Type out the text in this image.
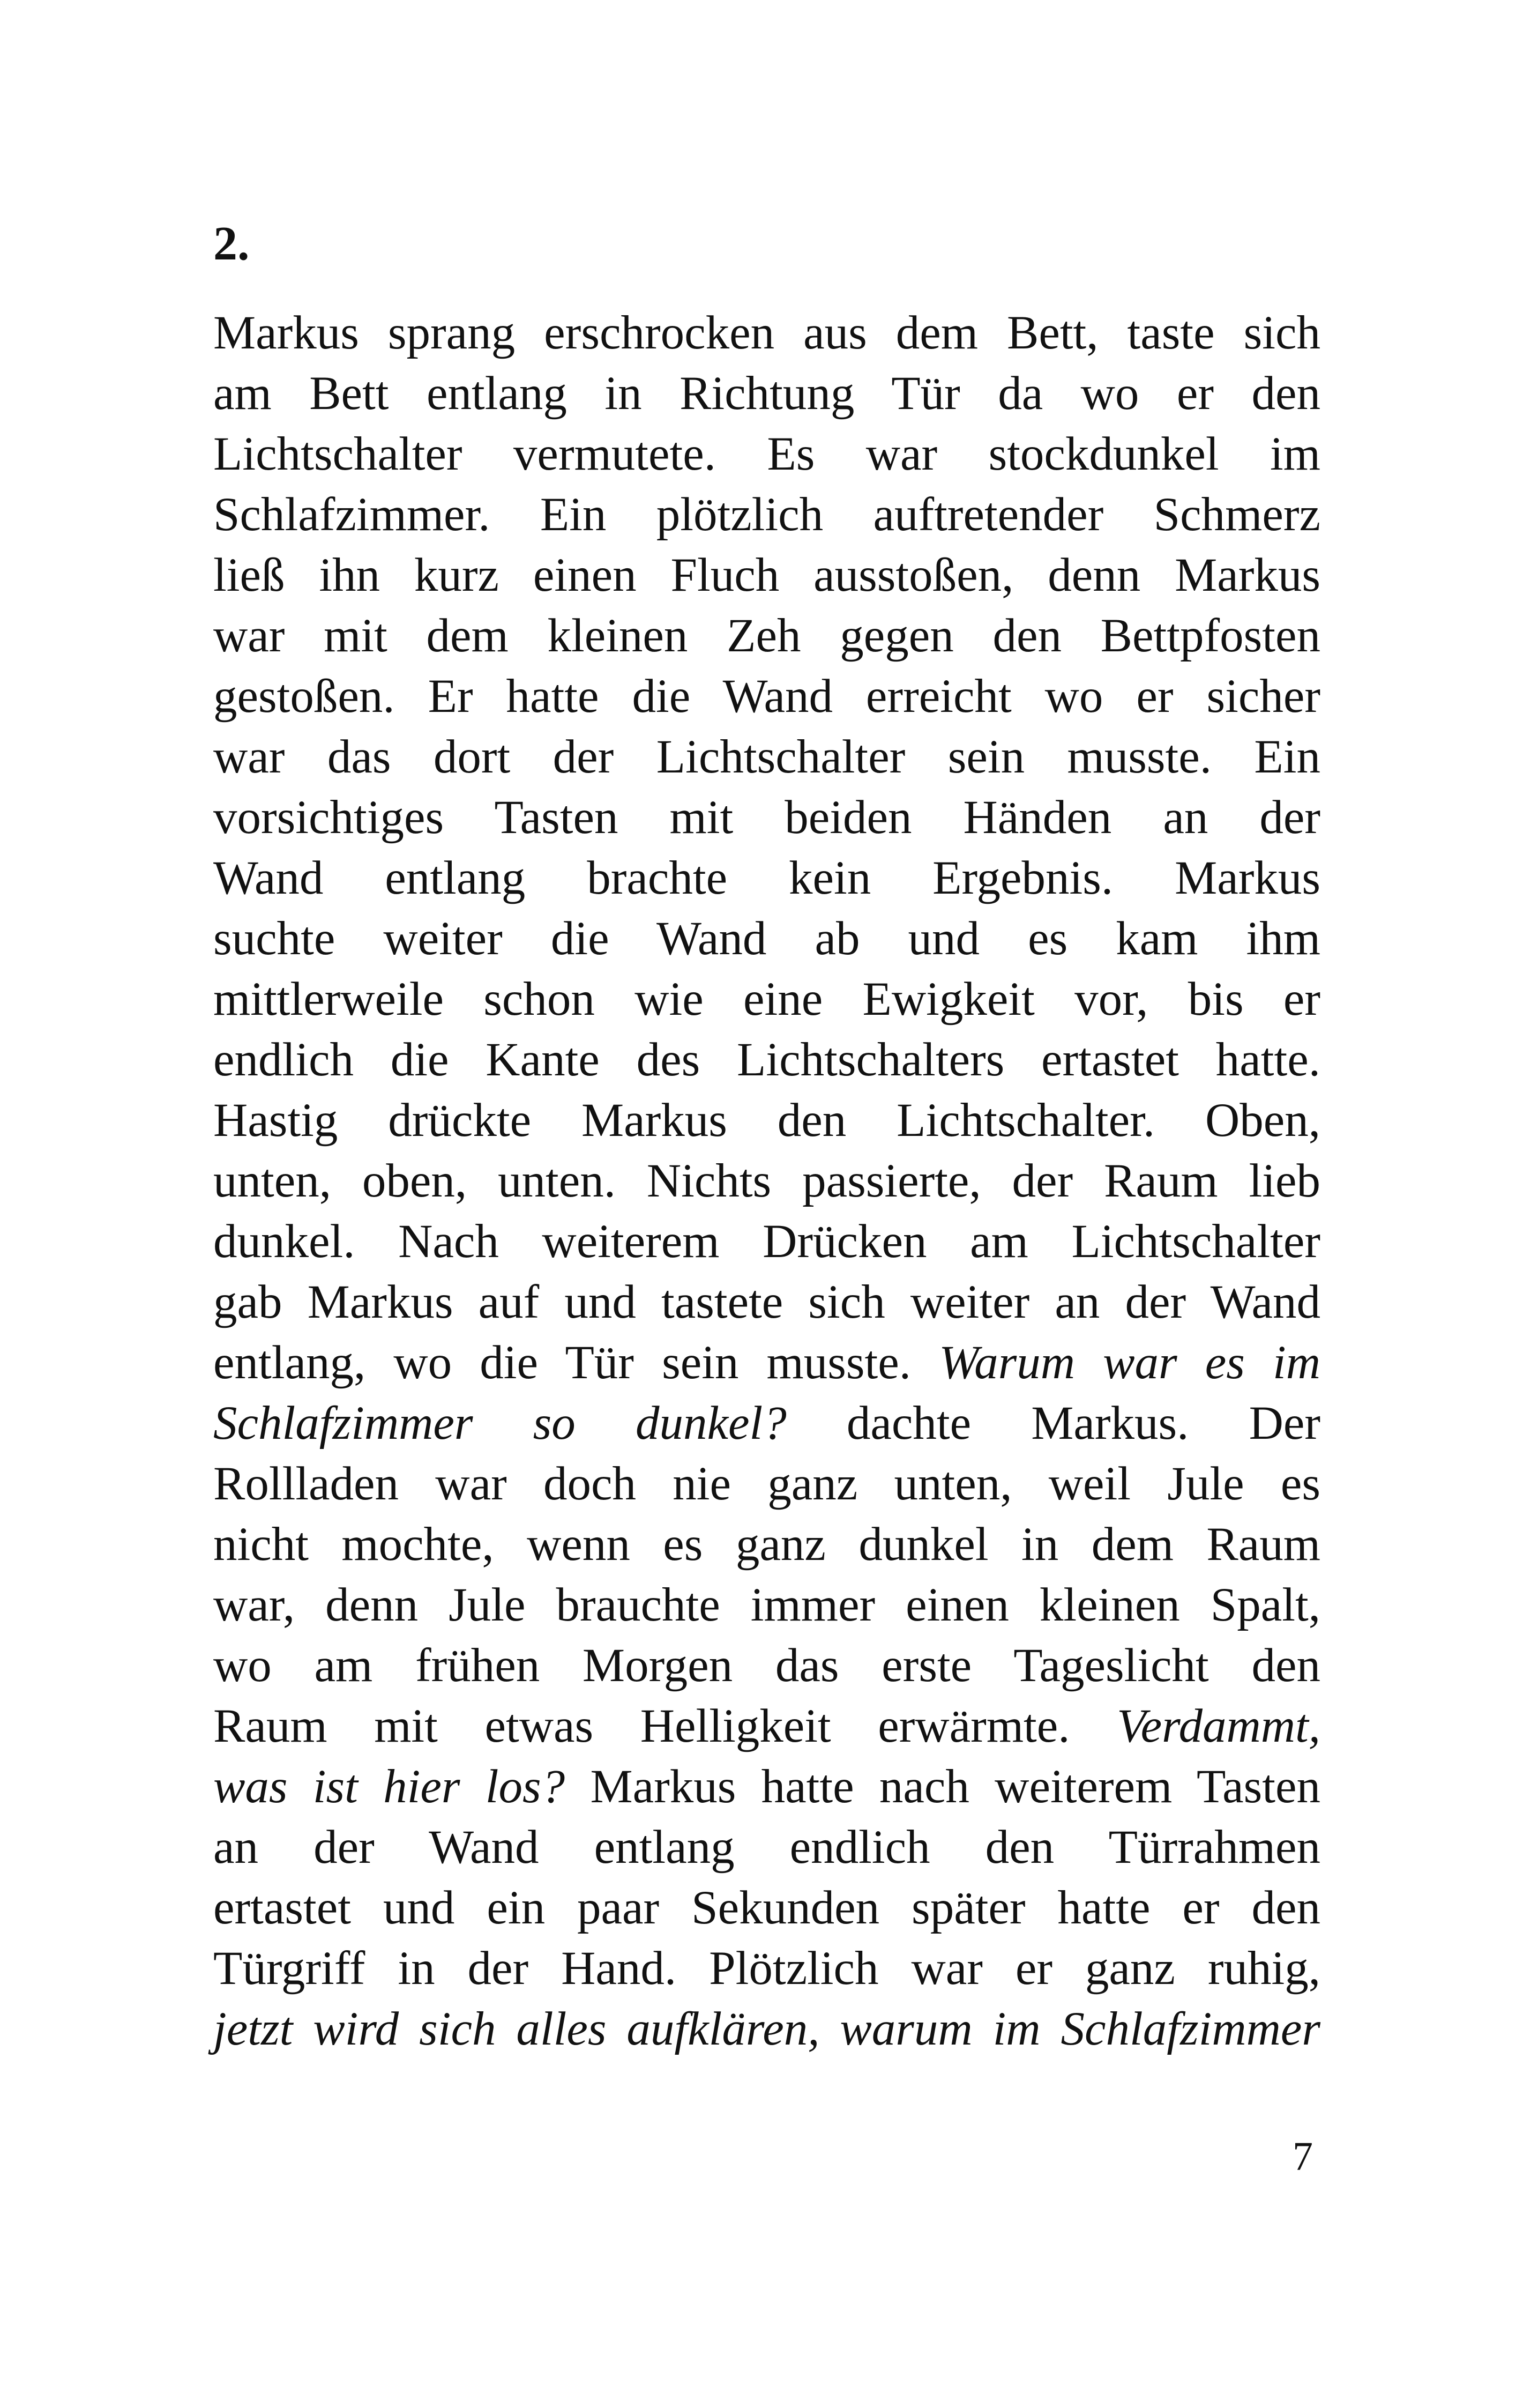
2.
Markus sprang erschrocken aus dem Bett, taste sich
am Bett entlang in Richtung Tür da wo er den
Lichtschalter vermutete. Es war stockdunkel im
Schlafzimmer. Ein plötzlich auftretender Schmerz
ließ ihn kurz einen Fluch ausstoßen, denn Markus
war mit dem kleinen Zeh gegen den Bettpfosten
gestoßen. Er hatte die Wand erreicht wo er sicher
war das dort der Lichtschalter sein musste. Ein
vorsichtiges Tasten mit beiden Händen an der
Wand entlang brachte kein Ergebnis. Markus
suchte weiter die Wand ab und es kam ihm
mittlerweile schon wie eine Ewigkeit vor, bis er
endlich die Kante des Lichtschalters ertastet hatte.
Hastig drückte Markus den Lichtschalter. Oben,
unten, oben, unten. Nichts passierte, der Raum lieb
dunkel. Nach weiterem Drücken am Lichtschalter
gab Markus auf und tastete sich weiter an der Wand
entlang, wo die Tür sein musste. Warum war es im
Schlafzimmer so dunkel? dachte Markus. Der
Rollladen war doch nie ganz unten, weil Jule es
nicht mochte, wenn es ganz dunkel in dem Raum
war, denn Jule brauchte immer einen kleinen Spalt,
wo am frühen Morgen das erste Tageslicht den
Raum mit etwas Helligkeit erwärmte. Verdammt,
was ist hier los? Markus hatte nach weiterem Tasten
an der Wand entlang endlich den Türrahmen
ertastet und ein paar Sekunden später hatte er den
Türgriff in der Hand. Plötzlich war er ganz ruhig,
jetzt wird sich alles aufklären, warum im Schlafzimmer
7
